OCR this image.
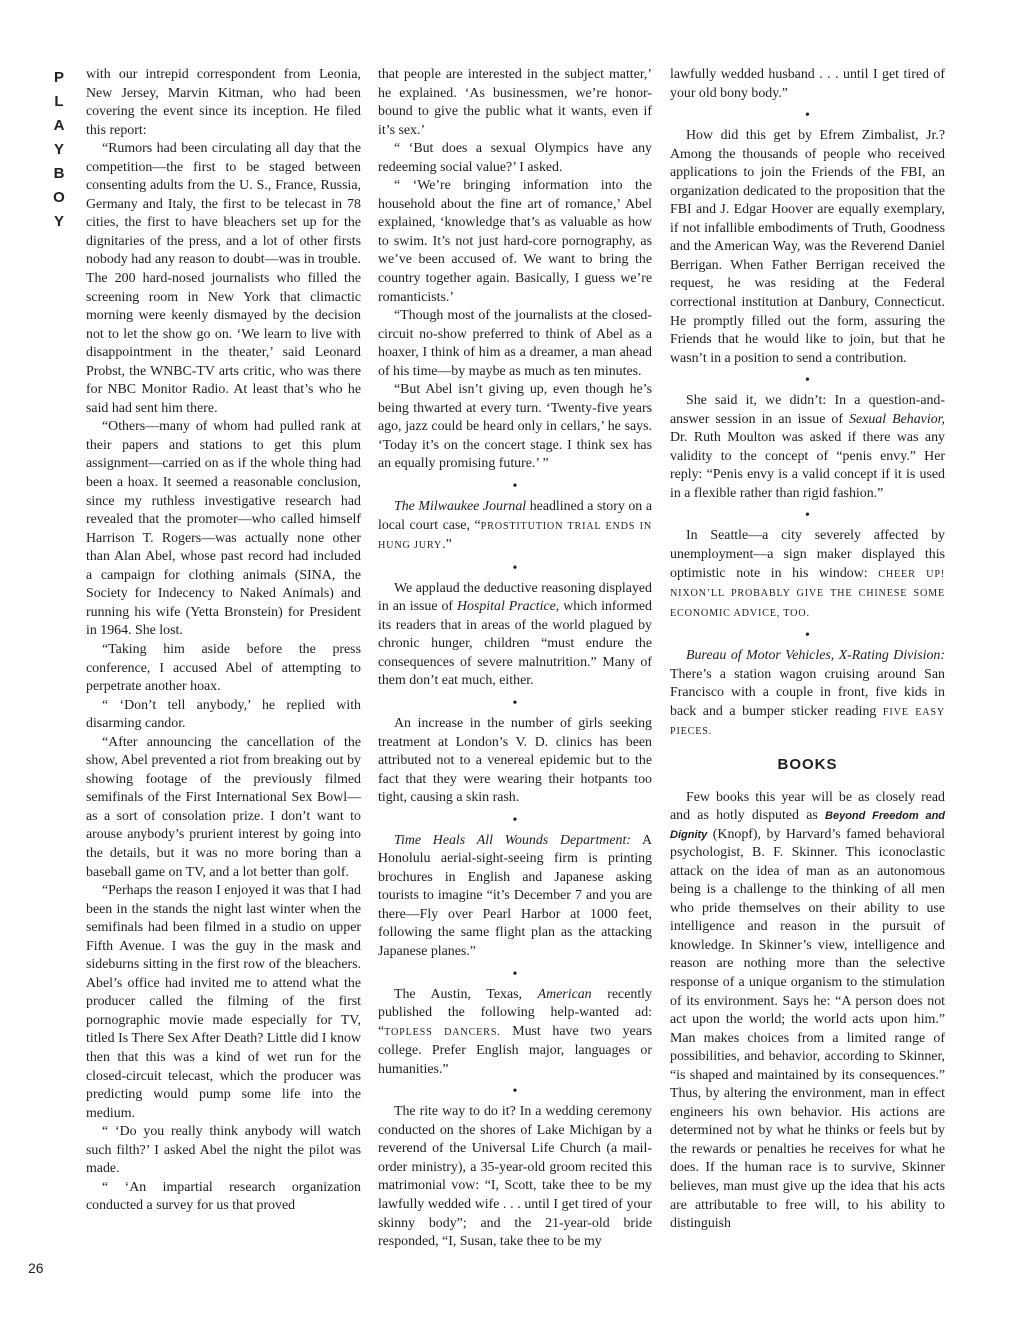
P
L
A
Y
B
O
Y
26

with our intrepid correspondent from Leonia, New Jersey, Marvin Kitman, who had been covering the event since its inception. He filed this report:

“Rumors had been circulating all day that the competition—the first to be staged between consenting adults from the U. S., France, Russia, Germany and Italy, the first to be telecast in 78 cities, the first to have bleachers set up for the dignitaries of the press, and a lot of other firsts nobody had any reason to doubt—was in trouble. The 200 hard-nosed journalists who filled the screening room in New York that climactic morning were keenly dismayed by the decision not to let the show go on. ‘We learn to live with disappointment in the theater,’ said Leonard Probst, the WNBC-TV arts critic, who was there for NBC Monitor Radio. At least that’s who he said had sent him there.

“Others—many of whom had pulled rank at their papers and stations to get this plum assignment—carried on as if the whole thing had been a hoax. It seemed a reasonable conclusion, since my ruthless investigative research had revealed that the promoter—who called himself Harrison T. Rogers—was actually none other than Alan Abel, whose past record had included a campaign for clothing animals (SINA, the Society for Indecency to Naked Animals) and running his wife (Yetta Bronstein) for President in 1964. She lost.

“Taking him aside before the press conference, I accused Abel of attempting to perpetrate another hoax.

“ ‘Don’t tell anybody,’ he replied with disarming candor.

“After announcing the cancellation of the show, Abel prevented a riot from breaking out by showing footage of the previously filmed semifinals of the First International Sex Bowl—as a sort of consolation prize. I don’t want to arouse anybody’s prurient interest by going into the details, but it was no more boring than a baseball game on TV, and a lot better than golf.

“Perhaps the reason I enjoyed it was that I had been in the stands the night last winter when the semifinals had been filmed in a studio on upper Fifth Avenue. I was the guy in the mask and sideburns sitting in the first row of the bleachers. Abel’s office had invited me to attend what the producer called the filming of the first pornographic movie made especially for TV, titled Is There Sex After Death? Little did I know then that this was a kind of wet run for the closed-circuit telecast, which the producer was predicting would pump some life into the medium.

“ ‘Do you really think anybody will watch such filth?’ I asked Abel the night the pilot was made.

“ ‘An impartial research organization conducted a survey for us that proved

that people are interested in the subject matter,’ he explained. ‘As businessmen, we’re honor-bound to give the public what it wants, even if it’s sex.’

“ ‘But does a sexual Olympics have any redeeming social value?’ I asked.

“ ‘We’re bringing information into the household about the fine art of romance,’ Abel explained, ‘knowledge that’s as valuable as how to swim. It’s not just hard-core pornography, as we’ve been accused of. We want to bring the country together again. Basically, I guess we’re romanticists.’

“Though most of the journalists at the closed-circuit no-show preferred to think of Abel as a hoaxer, I think of him as a dreamer, a man ahead of his time—by maybe as much as ten minutes.

“But Abel isn’t giving up, even though he’s being thwarted at every turn. ‘Twenty-five years ago, jazz could be heard only in cellars,’ he says. ‘Today it’s on the concert stage. I think sex has an equally promising future.’ ”

•

The Milwaukee Journal headlined a story on a local court case, “PROSTITUTION TRIAL ENDS IN HUNG JURY.”

•

We applaud the deductive reasoning displayed in an issue of Hospital Practice, which informed its readers that in areas of the world plagued by chronic hunger, children “must endure the consequences of severe malnutrition.” Many of them don’t eat much, either.

•

An increase in the number of girls seeking treatment at London’s V. D. clinics has been attributed not to a venereal epidemic but to the fact that they were wearing their hotpants too tight, causing a skin rash.

•

Time Heals All Wounds Department: A Honolulu aerial-sight-seeing firm is printing brochures in English and Japanese asking tourists to imagine “it’s December 7 and you are there—Fly over Pearl Harbor at 1000 feet, following the same flight plan as the attacking Japanese planes.”

•

The Austin, Texas, American recently published the following help-wanted ad: “TOPLESS DANCERS. Must have two years college. Prefer English major, languages or humanities.”

•

The rite way to do it? In a wedding ceremony conducted on the shores of Lake Michigan by a reverend of the Universal Life Church (a mail-order ministry), a 35-year-old groom recited this matrimonial vow: “I, Scott, take thee to be my lawfully wedded wife . . . until I get tired of your skinny body”; and the 21-year-old bride responded, “I, Susan, take thee to be my

lawfully wedded husband . . . until I get tired of your old bony body.”

•

How did this get by Efrem Zimbalist, Jr.? Among the thousands of people who received applications to join the Friends of the FBI, an organization dedicated to the proposition that the FBI and J. Edgar Hoover are equally exemplary, if not infallible embodiments of Truth, Goodness and the American Way, was the Reverend Daniel Berrigan. When Father Berrigan received the request, he was residing at the Federal correctional institution at Danbury, Connecticut. He promptly filled out the form, assuring the Friends that he would like to join, but that he wasn’t in a position to send a contribution.

•

She said it, we didn’t: In a question-and-answer session in an issue of Sexual Behavior, Dr. Ruth Moulton was asked if there was any validity to the concept of “penis envy.” Her reply: “Penis envy is a valid concept if it is used in a flexible rather than rigid fashion.”

•

In Seattle—a city severely affected by unemployment—a sign maker displayed this optimistic note in his window: CHEER UP! NIXON’LL PROBABLY GIVE THE CHINESE SOME ECONOMIC ADVICE, TOO.

•

Bureau of Motor Vehicles, X-Rating Division: There’s a station wagon cruising around San Francisco with a couple in front, five kids in back and a bumper sticker reading FIVE EASY PIECES.

BOOKS

Few books this year will be as closely read and as hotly disputed as Beyond Freedom and Dignity (Knopf), by Harvard’s famed behavioral psychologist, B. F. Skinner. This iconoclastic attack on the idea of man as an autonomous being is a challenge to the thinking of all men who pride themselves on their ability to use intelligence and reason in the pursuit of knowledge. In Skinner’s view, intelligence and reason are nothing more than the selective response of a unique organism to the stimulation of its environment. Says he: “A person does not act upon the world; the world acts upon him.” Man makes choices from a limited range of possibilities, and behavior, according to Skinner, “is shaped and maintained by its consequences.” Thus, by altering the environment, man in effect engineers his own behavior. His actions are determined not by what he thinks or feels but by the rewards or penalties he receives for what he does. If the human race is to survive, Skinner believes, man must give up the idea that his acts are attributable to free will, to his ability to distinguish
